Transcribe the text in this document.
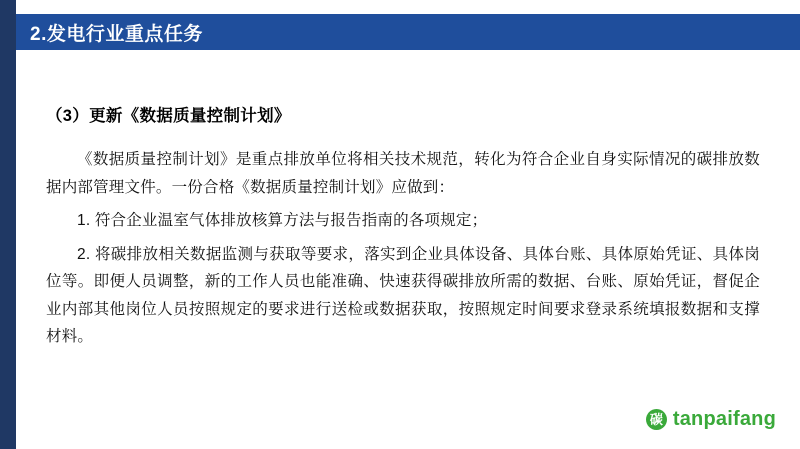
2.发电行业重点任务
（3）更新《数据质量控制计划》
《数据质量控制计划》是重点排放单位将相关技术规范，转化为符合企业自身实际情况的碳排放数据内部管理文件。一份合格《数据质量控制计划》应做到：
1. 符合企业温室气体排放核算方法与报告指南的各项规定；
2. 将碳排放相关数据监测与获取等要求，落实到企业具体设备、具体台账、具体原始凭证、具体岗位等。即便人员调整，新的工作人员也能准确、快速获得碳排放所需的数据、台账、原始凭证，督促企业内部其他岗位人员按照规定的要求进行送检或数据获取，按照规定时间要求登录系统填报数据和支撑材料。
碳 tanpaifang
